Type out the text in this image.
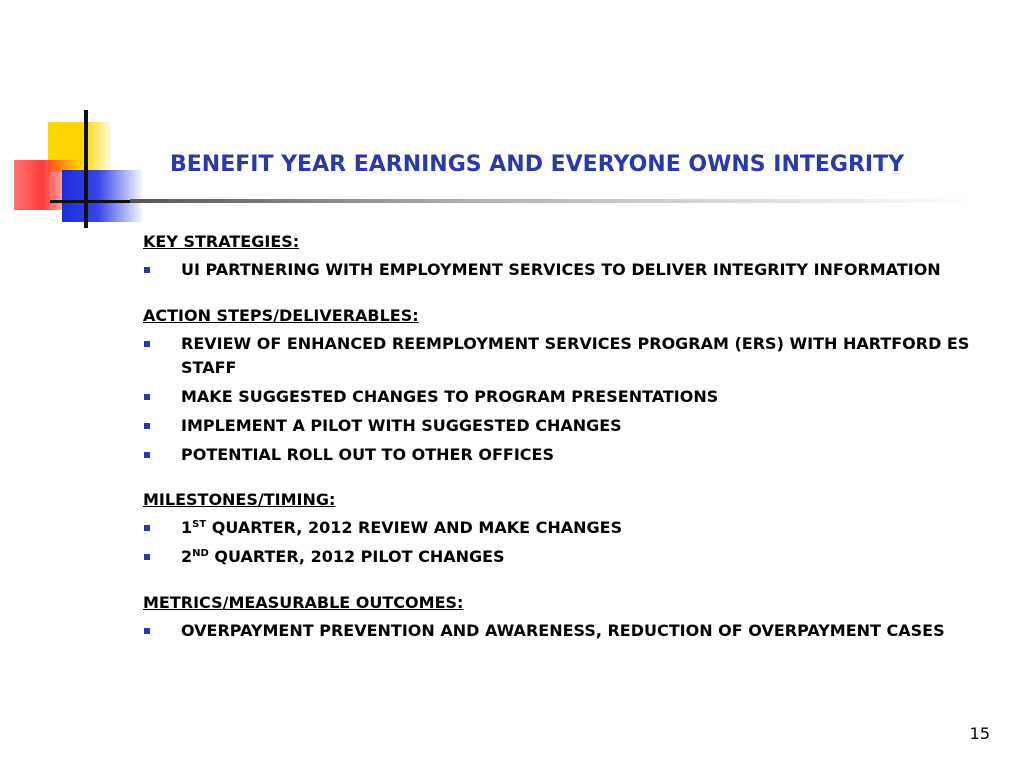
BENEFIT YEAR EARNINGS AND EVERYONE OWNS INTEGRITY
KEY STRATEGIES:
UI PARTNERING WITH EMPLOYMENT SERVICES TO DELIVER INTEGRITY INFORMATION
ACTION STEPS/DELIVERABLES:
REVIEW OF ENHANCED REEMPLOYMENT SERVICES PROGRAM (ERS) WITH HARTFORD ES STAFF
MAKE SUGGESTED CHANGES TO PROGRAM PRESENTATIONS
IMPLEMENT A PILOT WITH SUGGESTED CHANGES
POTENTIAL ROLL OUT TO OTHER OFFICES
MILESTONES/TIMING:
1ST QUARTER, 2012 REVIEW AND MAKE CHANGES
2ND QUARTER, 2012 PILOT CHANGES
METRICS/MEASURABLE OUTCOMES:
OVERPAYMENT PREVENTION AND AWARENESS, REDUCTION OF OVERPAYMENT CASES
15
